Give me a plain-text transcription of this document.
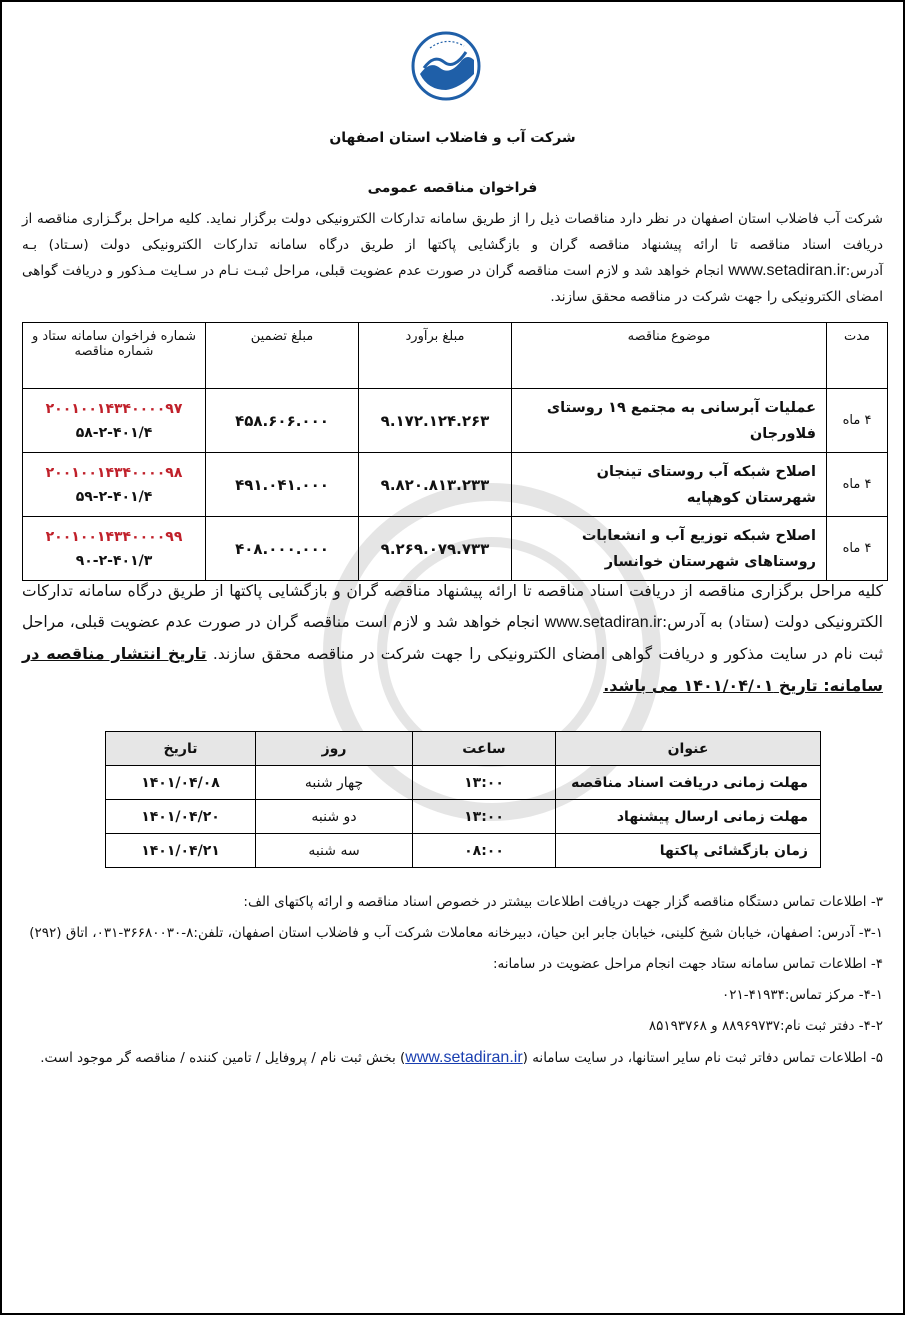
شرکت آب و فاضلاب استان اصفهان
فراخوان مناقصه عمومی
شرکت آب فاضلاب استان اصفهان در نظر دارد مناقصات ذیل را از طریق سامانه تدارکات الکترونیکی دولت برگزار نماید. کلیه مراحل برگـزاری مناقصه از دریافت اسناد مناقصه تا ارائه پیشنهاد مناقصه گران و بازگشایی پاکتها از طریق درگاه سامانه تدارکات الکترونیکی دولت (سـتاد) بـه آدرس:www.setadiran.ir انجام خواهد شد و لازم است مناقصه گران در صورت عدم عضویت قبلی، مراحل ثبـت نـام در سـایت مـذکور و دریافت گواهی امضای الکترونیکی را جهت شرکت در مناقصه محقق سازند.
مدت	موضوع مناقصه	مبلغ برآورد	مبلغ تضمین	شماره فراخوان سامانه ستاد و شماره مناقصه
۴ ماه	عملیات آبرسانی به مجتمع ۱۹ روستای فلاورجان	۹.۱۷۲.۱۲۴.۲۶۳	۴۵۸.۶۰۶.۰۰۰	۲۰۰۱۰۰۱۴۳۴۰۰۰۰۹۷
۵۸-۲-۴۰۱/۴

۴ ماه	اصلاح شبکه آب روستای تینجان شهرستان کوهپایه	۹.۸۲۰.۸۱۳.۲۳۳	۴۹۱.۰۴۱.۰۰۰	۲۰۰۱۰۰۱۴۳۴۰۰۰۰۹۸
۵۹-۲-۴۰۱/۴

۴ ماه	اصلاح شبکه توزیع آب و انشعابات روستاهای شهرستان خوانسار	۹.۲۶۹.۰۷۹.۷۳۳	۴۰۸.۰۰۰.۰۰۰	۲۰۰۱۰۰۱۴۳۴۰۰۰۰۹۹
۹۰-۲-۴۰۱/۳
کلیه مراحل برگزاری مناقصه از دریافت اسناد مناقصه تا ارائه پیشنهاد مناقصه گران و بازگشایی پاکتها از طریق درگاه سامانه تدارکات الکترونیکی دولت (ستاد) به آدرس:www.setadiran.ir انجام خواهد شد و لازم است مناقصه گران در صورت عدم عضویت قبلی، مراحل ثبت نام در سایت مذکور و دریافت گواهی امضای الکترونیکی را جهت شرکت در مناقصه محقق سازند. تاریخ انتشار مناقصه در سامانه: تاریخ ۱۴۰۱/۰۴/۰۱ می باشد.
عنوان	ساعت	روز	تاریخ
مهلت زمانی دریافت اسناد مناقصه	۱۳:۰۰	چهار شنبه	۱۴۰۱/۰۴/۰۸
مهلت زمانی ارسال پیشنهاد	۱۳:۰۰	دو شنبه	۱۴۰۱/۰۴/۲۰
زمان بازگشائی پاکتها	۰۸:۰۰	سه شنبه	۱۴۰۱/۰۴/۲۱

۳- اطلاعات تماس دستگاه مناقصه گزار جهت دریافت اطلاعات بیشتر در خصوص اسناد مناقصه و ارائه پاکتهای الف:

۳-۱- آدرس: اصفهان، خیابان شیخ کلینی، خیابان جابر ابن حیان، دبیرخانه معاملات شرکت آب و فاضلاب استان اصفهان، تلفن:۸-۳۶۶۸۰۰۳۰-۰۳۱، اتاق (۲۹۲)

۴- اطلاعات تماس سامانه ستاد جهت انجام مراحل عضویت در سامانه:

۴-۱- مرکز تماس:۴۱۹۳۴-۰۲۱

۴-۲- دفتر ثبت نام:۸۸۹۶۹۷۳۷ و ۸۵۱۹۳۷۶۸

۵- اطلاعات تماس دفاتر ثبت نام سایر استانها، در سایت سامانه (www.setadiran.ir) بخش ثبت نام / پروفایل / تامین کننده / مناقصه گر موجود است.
